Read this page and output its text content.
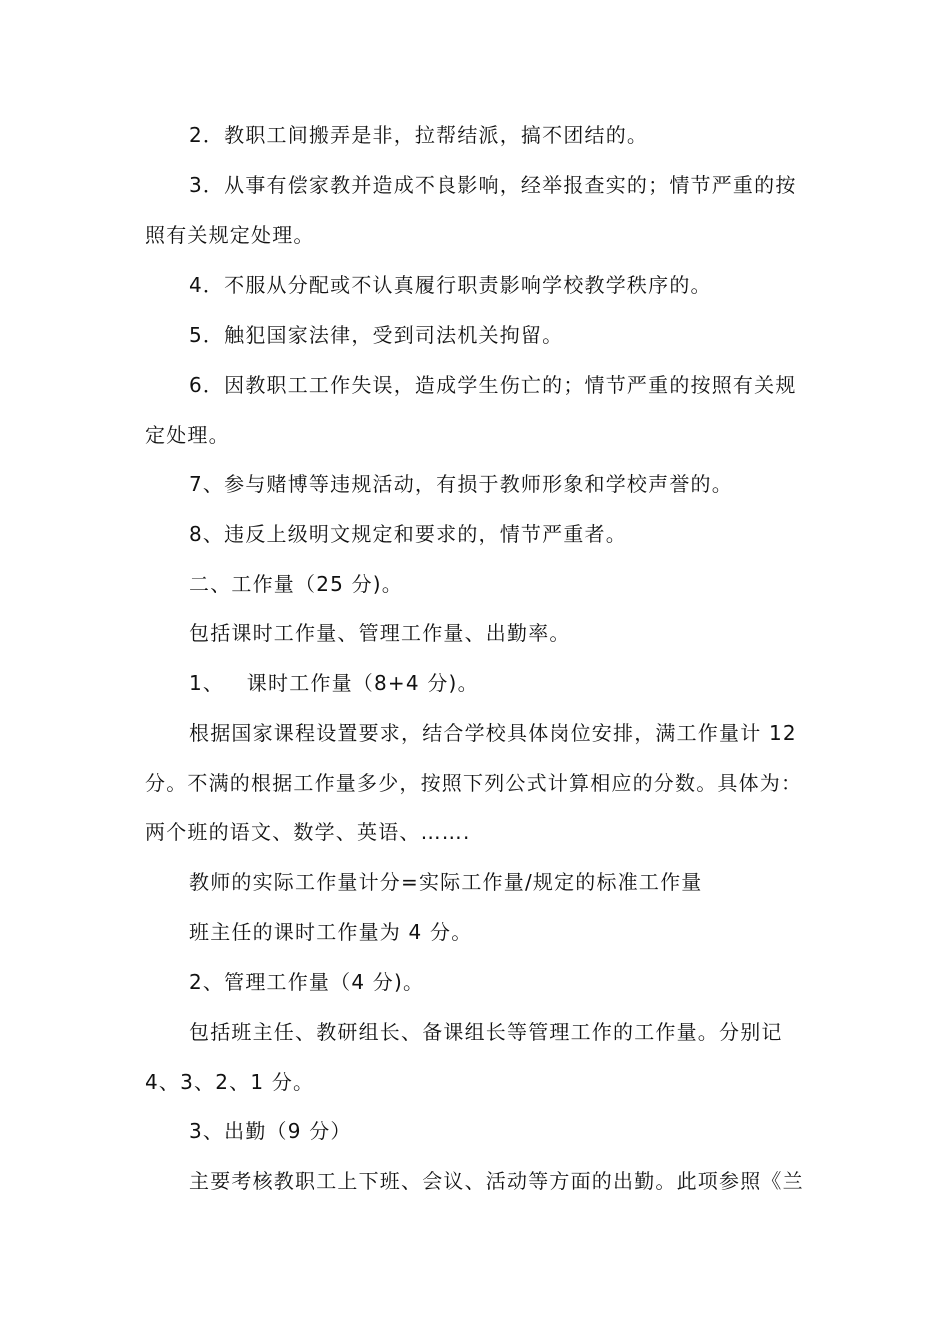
2．教职工间搬弄是非，拉帮结派，搞不团结的。

3．从事有偿家教并造成不良影响，经举报查实的；情节严重的按照有关规定处理。

4．不服从分配或不认真履行职责影响学校教学秩序的。

5．触犯国家法律，受到司法机关拘留。

6．因教职工工作失误，造成学生伤亡的；情节严重的按照有关规定处理。

7、参与赌博等违规活动，有损于教师形象和学校声誉的。

8、违反上级明文规定和要求的，情节严重者。

二、工作量（25 分)。

包括课时工作量、管理工作量、出勤率。

1、   课时工作量（8+4 分)。

根据国家课程设置要求，结合学校具体岗位安排，满工作量计 12 分。不满的根据工作量多少，按照下列公式计算相应的分数。具体为：两个班的语文、数学、英语、…….

教师的实际工作量计分=实际工作量/规定的标准工作量

班主任的课时工作量为 4 分。

2、管理工作量（4 分)。

包括班主任、教研组长、备课组长等管理工作的工作量。分别记 4、3、2、1 分。

3、出勤（9 分）

主要考核教职工上下班、会议、活动等方面的出勤。此项参照《兰
